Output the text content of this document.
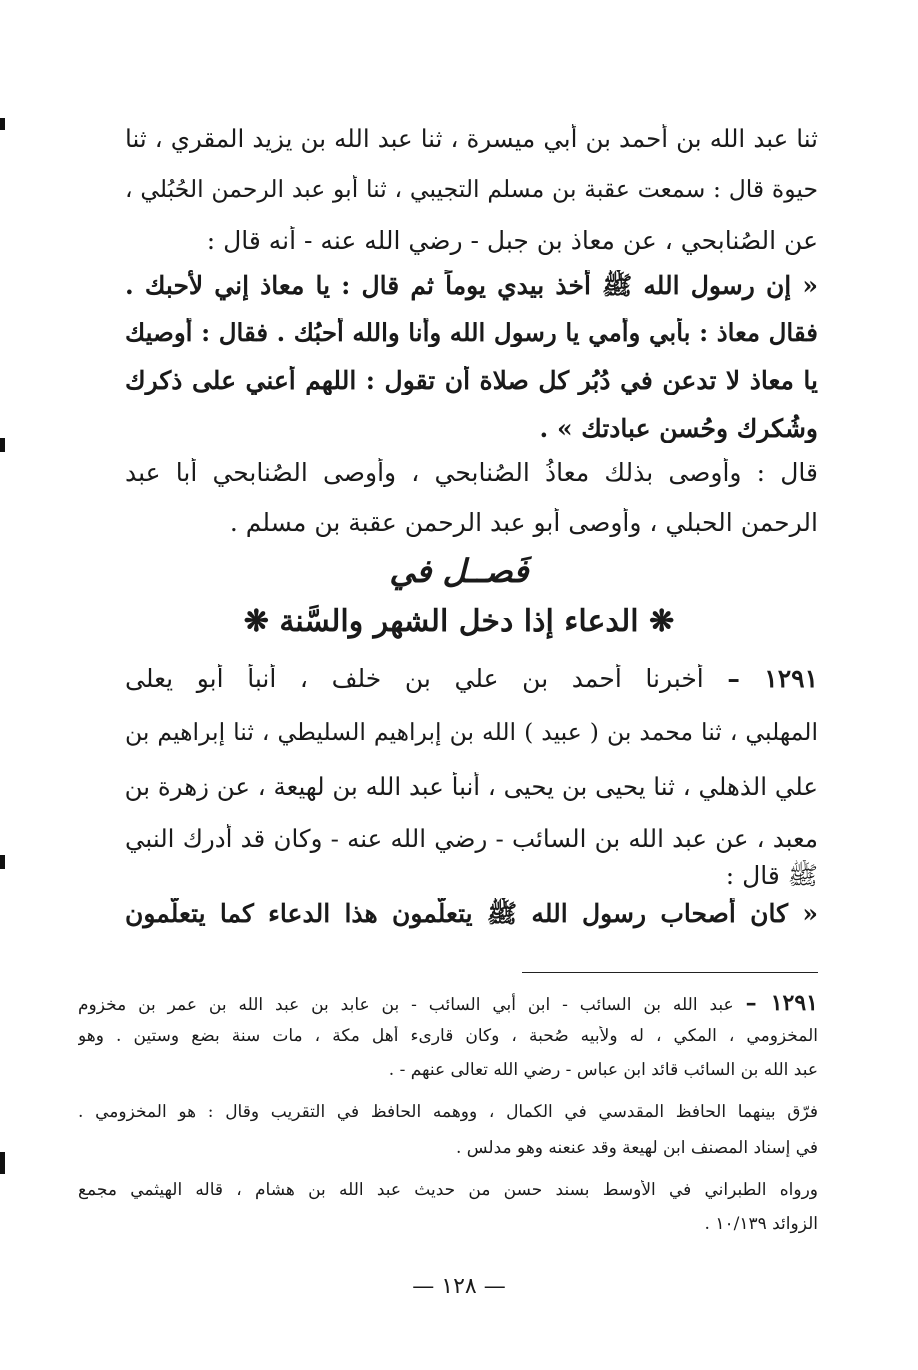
ثنا عبد الله بن أحمد بن أبي ميسرة ، ثنا عبد الله بن يزيد المقري ، ثنا
حيوة قال : سمعت عقبة بن مسلم التجيبي ، ثنا أبو عبد الرحمن الحُبُلي ،
عن الصُنابحي ، عن معاذ بن جبل - رضي الله عنه - أنه قال :
« إن رسول الله ﷺ أخذ بيدي يوماً ثم قال : يا معاذ إني لأحبك .
فقال معاذ : بأبي وأمي يا رسول الله وأنا والله أُحبُك . فقال : أوصيك
يا معاذ لا تدعن في دُبُر كل صلاة أن تقول : اللهم أعني على ذكرك
وشُكرك وحُسن عبادتك » .
قال : وأوصى بذلك معاذُ الصُنابحي ، وأوصى الصُنابحي أبا عبد
الرحمن الحبلي ، وأوصى أبو عبد الرحمن عقبة بن مسلم .
فَصــل في
❋ الدعاء إذا دخل الشهر والسَّنة ❋
١٢٩١ – أخبرنا أحمد بن علي بن خلف ، أنبأ أبو يعلى
المهلبي ، ثنا محمد بن ( عبيد ) الله بن إبراهيم السليطي ، ثنا إبراهيم بن
علي الذهلي ، ثنا يحيى بن يحيى ، أنبأ عبد الله بن لهيعة ، عن زهرة بن
معبد ، عن عبد الله بن السائب - رضي الله عنه - وكان قد أدرك النبي
ﷺ قال :
« كان أصحاب رسول الله ﷺ يتعلّمون هذا الدعاء كما يتعلّمون
١٢٩١ – عبد الله بن السائب - ابن أبي السائب - بن عابد بن عبد الله بن عمر بن مخزوم
المخزومي ، المكي ، له ولأبيه صُحبة ، وكان قارىء أهل مكة ، مات سنة بضع وستين . وهو
عبد الله بن السائب قائد ابن عباس - رضي الله تعالى عنهم - .
فرّق بينهما الحافظ المقدسي في الكمال ، ووهمه الحافظ في التقريب وقال : هو المخزومي .
في إسناد المصنف ابن لهيعة وقد عنعنه وهو مدلس .
ورواه الطبراني في الأوسط بسند حسن من حديث عبد الله بن هشام ، قاله الهيثمي مجمع
الزوائد ١٠/١٣٩ .
— ١٢٨ —
